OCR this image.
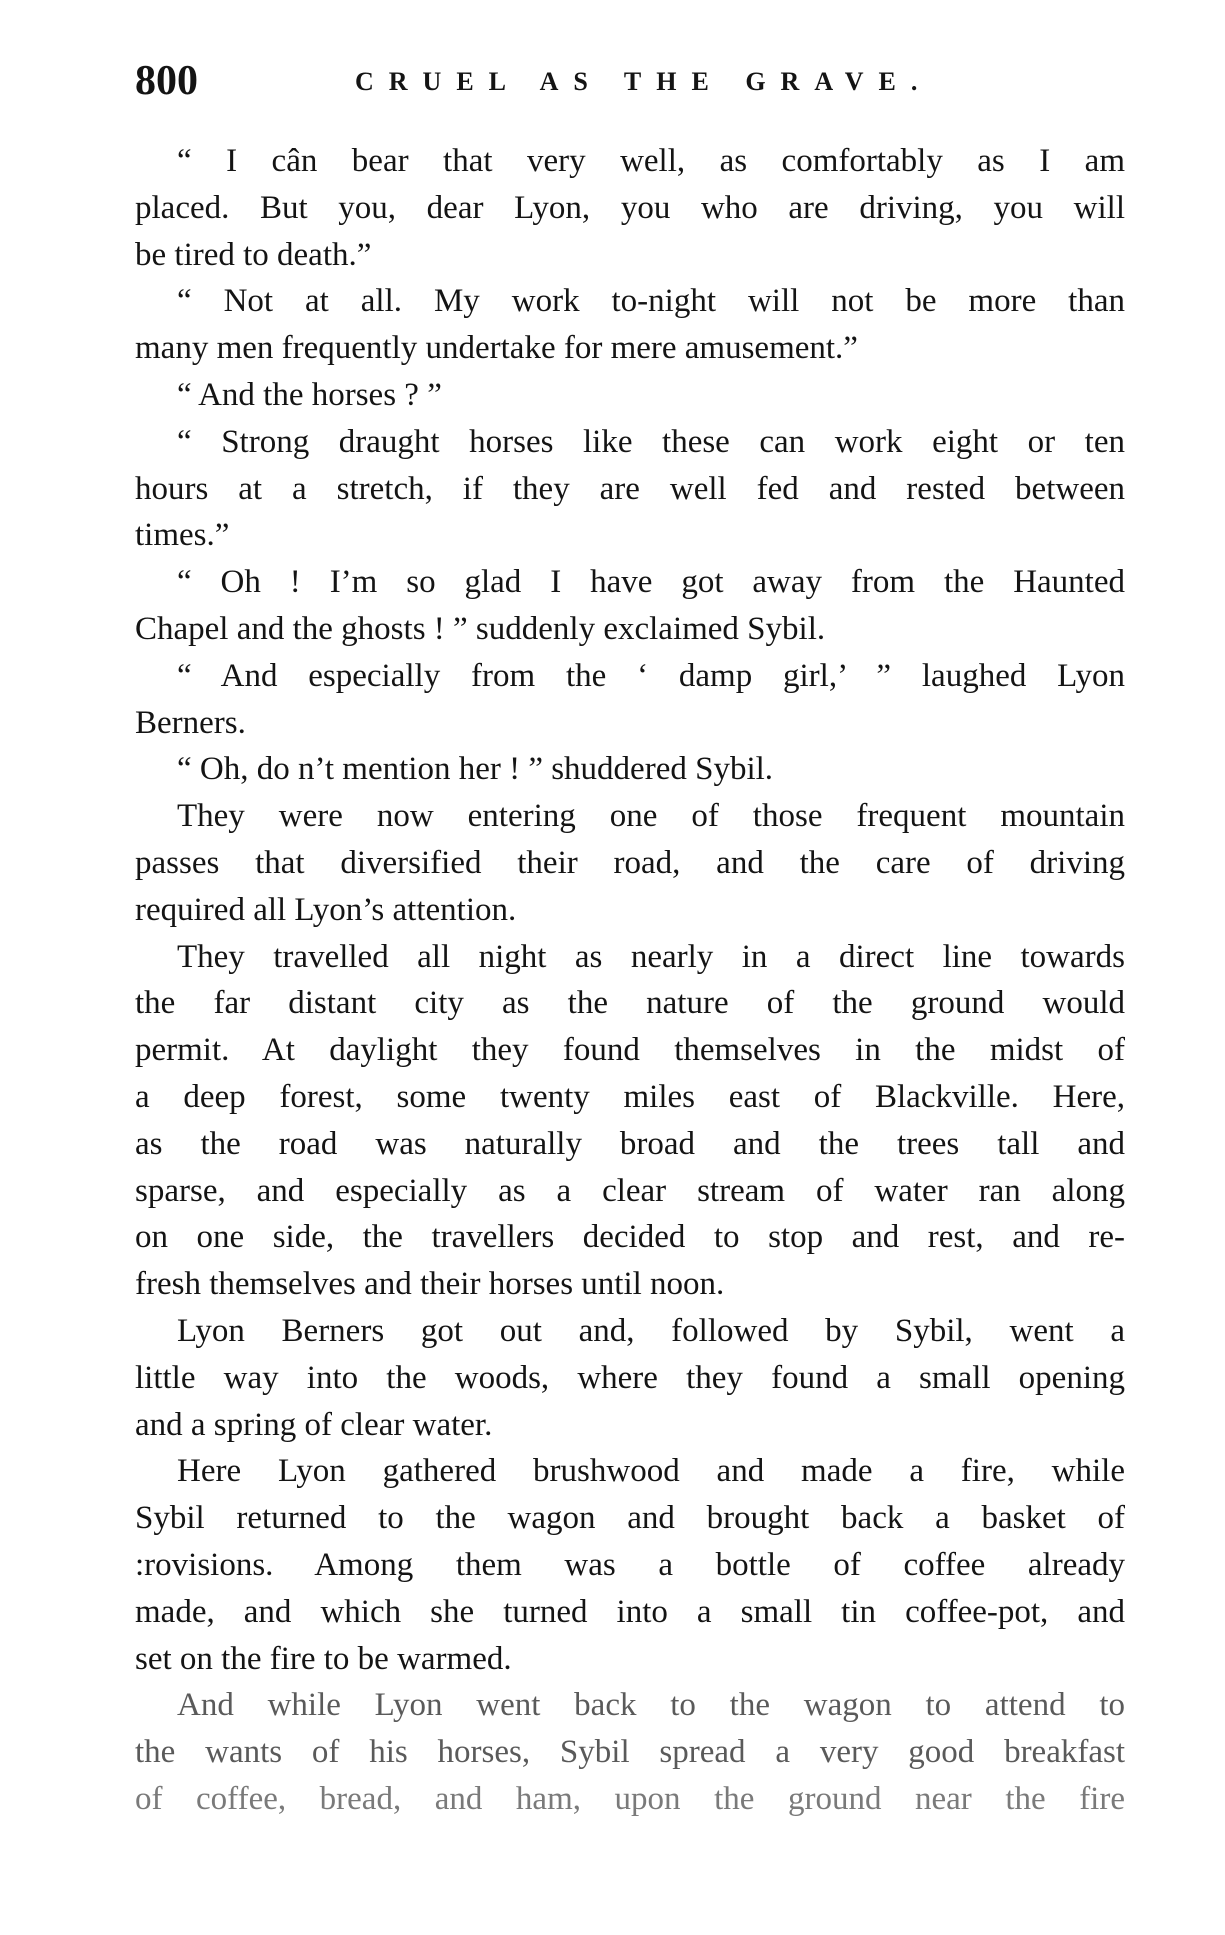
800	CRUEL AS THE GRAVE.
“ I cân bear that very well, as comfortably as I am
placed. But you, dear Lyon, you who are driving, you will
be tired to death.”
“ Not at all. My work to-night will not be more than
many men frequently undertake for mere amusement.”
“ And the horses ? ”
“ Strong draught horses like these can work eight or ten
hours at a stretch, if they are well fed and rested between
times.”
“ Oh ! I’m so glad I have got away from the Haunted
Chapel and the ghosts ! ” suddenly exclaimed Sybil.
“ And especially from the ‘ damp girl,’ ” laughed Lyon
Berners.
“ Oh, do n’t mention her ! ” shuddered Sybil.
They were now entering one of those frequent mountain
passes that diversified their road, and the care of driving
required all Lyon’s attention.
They travelled all night as nearly in a direct line towards
the far distant city as the nature of the ground would
permit. At daylight they found themselves in the midst of
a deep forest, some twenty miles east of Blackville. Here,
as the road was naturally broad and the trees tall and
sparse, and especially as a clear stream of water ran along
on one side, the travellers decided to stop and rest, and re-
fresh themselves and their horses until noon.
Lyon Berners got out and, followed by Sybil, went a
little way into the woods, where they found a small opening
and a spring of clear water.
Here Lyon gathered brushwood and made a fire, while
Sybil returned to the wagon and brought back a basket of
:rovisions. Among them was a bottle of coffee already
made, and which she turned into a small tin coffee-pot, and
set on the fire to be warmed.
And while Lyon went back to the wagon to attend to
the wants of his horses, Sybil spread a very good breakfast
of coffee, bread, and ham, upon the ground near the fire
